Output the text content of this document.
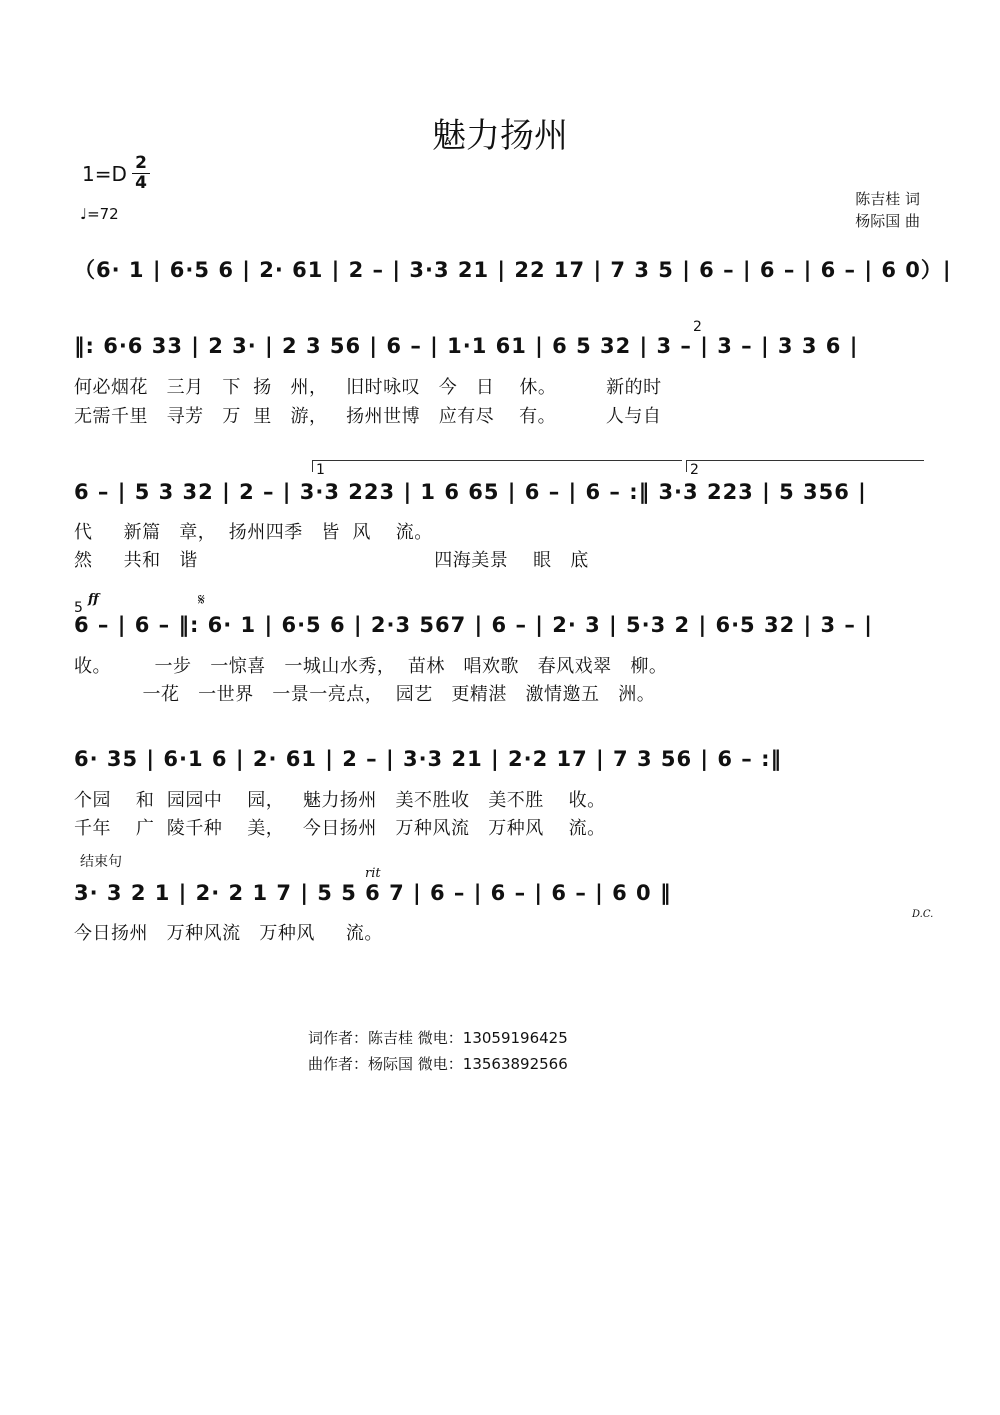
魅力扬州
1=D 2
4
♩=72
陈吉桂 词
杨际国 曲
（6· 1 | 6·5 6 | 2· 61 | 2 – | 3·3 21 | 22 17 | 7 3 5 | 6 – | 6 – | 6 – | 6 0）|
2
‖: 6·6 33 | 2 3· | 2 3 56 | 6 – | 1·1 61 | 6 5 32 | 3 – | 3 – | 3 3 6 |
何必烟花   三月   下  扬   州，   旧时咏叹   今   日    休。        新的时
无需千里   寻芳   万  里   游，   扬州世博   应有尽    有。        人与自
1	2
6 – | 5 3 32 | 2 – | 3·3 223 | 1 6 65 | 6 – | 6 – :‖ 3·3 223 | 5 356 |
代     新篇   章，  扬州四季   皆  风    流。
然     共和   谐                                      四海美景    眼   底
5
ff	𝄋
6 – | 6 – ‖: 6· 1 | 6·5 6 | 2·3 567 | 6 – | 2· 3 | 5·3 2 | 6·5 32 | 3 – |
收。       一步   一惊喜   一城山水秀，  苗林   唱欢歌   春风戏翠   柳。
一花   一世界   一景一亮点，  园艺   更精湛   激情邀五   洲。
6· 35 | 6·1 6 | 2· 61 | 2 – | 3·3 21 | 2·2 17 | 7 3 56 | 6 – :‖
个园    和  园园中    园，   魅力扬州   美不胜收   美不胜    收。
千年    广  陵千种    美，   今日扬州   万种风流   万种风    流。
结束句
rit
3· 3 2 1 | 2· 2 1 7 | 5 5 6 7 | 6 – | 6 – | 6 – | 6 0 ‖
D.C.
今日扬州   万种风流   万种风     流。
词作者：陈吉桂 微电：13059196425
曲作者：杨际国 微电：13563892566
